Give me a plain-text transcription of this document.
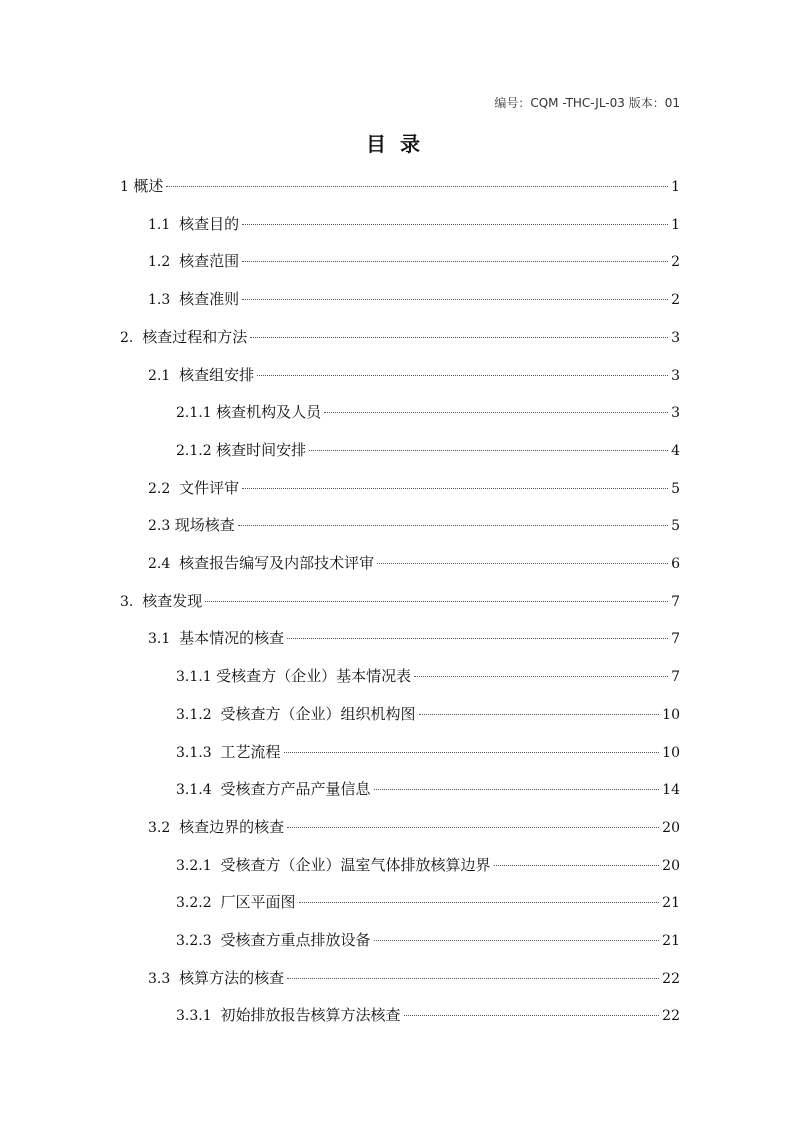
编号：CQM -THC-JL-03 版本：01
目录
1 概述	1
1.1 核查目的	1
1.2 核查范围	2
1.3 核查准则	2
2. 核查过程和方法	3
2.1 核查组安排	3
2.1.1 核查机构及人员	3
2.1.2 核查时间安排	4
2.2 文件评审	5
2.3 现场核查	5
2.4 核查报告编写及内部技术评审	6
3. 核查发现	7
3.1 基本情况的核查	7
3.1.1 受核查方（企业）基本情况表	7
3.1.2 受核查方（企业）组织机构图	10
3.1.3 工艺流程	10
3.1.4 受核查方产品产量信息	14
3.2 核查边界的核查	20
3.2.1 受核查方（企业）温室气体排放核算边界	20
3.2.2 厂区平面图	21
3.2.3 受核查方重点排放设备	21
3.3 核算方法的核查	22
3.3.1 初始排放报告核算方法核查	22
